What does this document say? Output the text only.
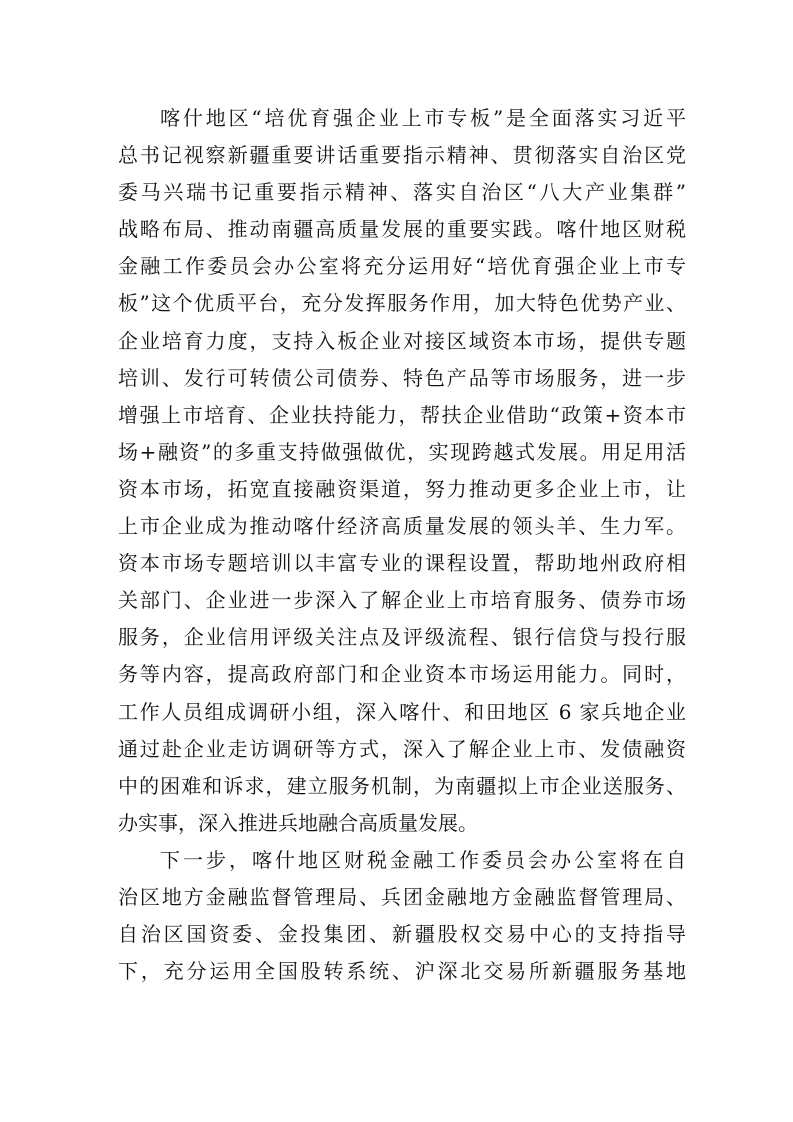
喀什地区“培优育强企业上市专板”是全面落实习近平
总书记视察新疆重要讲话重要指示精神、贯彻落实自治区党
委马兴瑞书记重要指示精神、落实自治区“八大产业集群”
战略布局、推动南疆高质量发展的重要实践。喀什地区财税
金融工作委员会办公室将充分运用好“培优育强企业上市专
板”这个优质平台，充分发挥服务作用，加大特色优势产业、
企业培育力度，支持入板企业对接区域资本市场，提供专题
培训、发行可转债公司债券、特色产品等市场服务，进一步
增强上市培育、企业扶持能力，帮扶企业借助“政策+资本市
场+融资”的多重支持做强做优，实现跨越式发展。用足用活
资本市场，拓宽直接融资渠道，努力推动更多企业上市，让
上市企业成为推动喀什经济高质量发展的领头羊、生力军。
资本市场专题培训以丰富专业的课程设置，帮助地州政府相
关部门、企业进一步深入了解企业上市培育服务、债券市场
服务，企业信用评级关注点及评级流程、银行信贷与投行服
务等内容，提高政府部门和企业资本市场运用能力。同时，
工作人员组成调研小组，深入喀什、和田地区 6 家兵地企业
通过赴企业走访调研等方式，深入了解企业上市、发债融资
中的困难和诉求，建立服务机制，为南疆拟上市企业送服务、
办实事，深入推进兵地融合高质量发展。
下一步，喀什地区财税金融工作委员会办公室将在自
治区地方金融监督管理局、兵团金融地方金融监督管理局、
自治区国资委、金投集团、新疆股权交易中心的支持指导
下，充分运用全国股转系统、沪深北交易所新疆服务基地
